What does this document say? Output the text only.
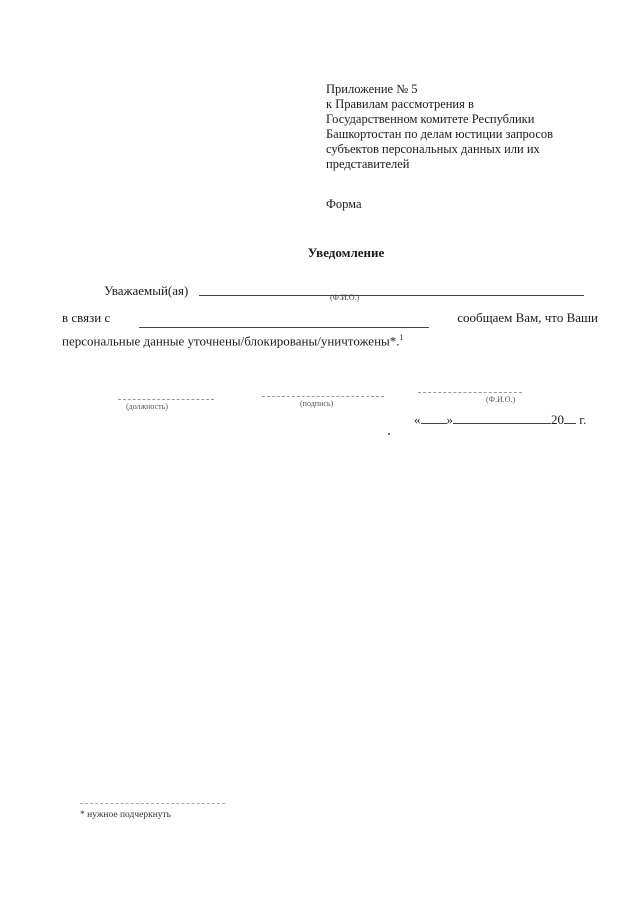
Приложение № 5
к Правилам рассмотрения в
Государственном комитете Республики
Башкортостан по делам юстиции запросов
субъектов персональных данных или их
представителей
Форма
Уведомление
Уважаемый(ая)	(Ф.И.О.)
в связи с	сообщаем Вам, что Ваши
персональные данные уточнены/блокированы/уничтожены*.$^1$
(должность)	(подпись)	(Ф.И.О.)
« »	20 г.
* нужное подчеркнуть
